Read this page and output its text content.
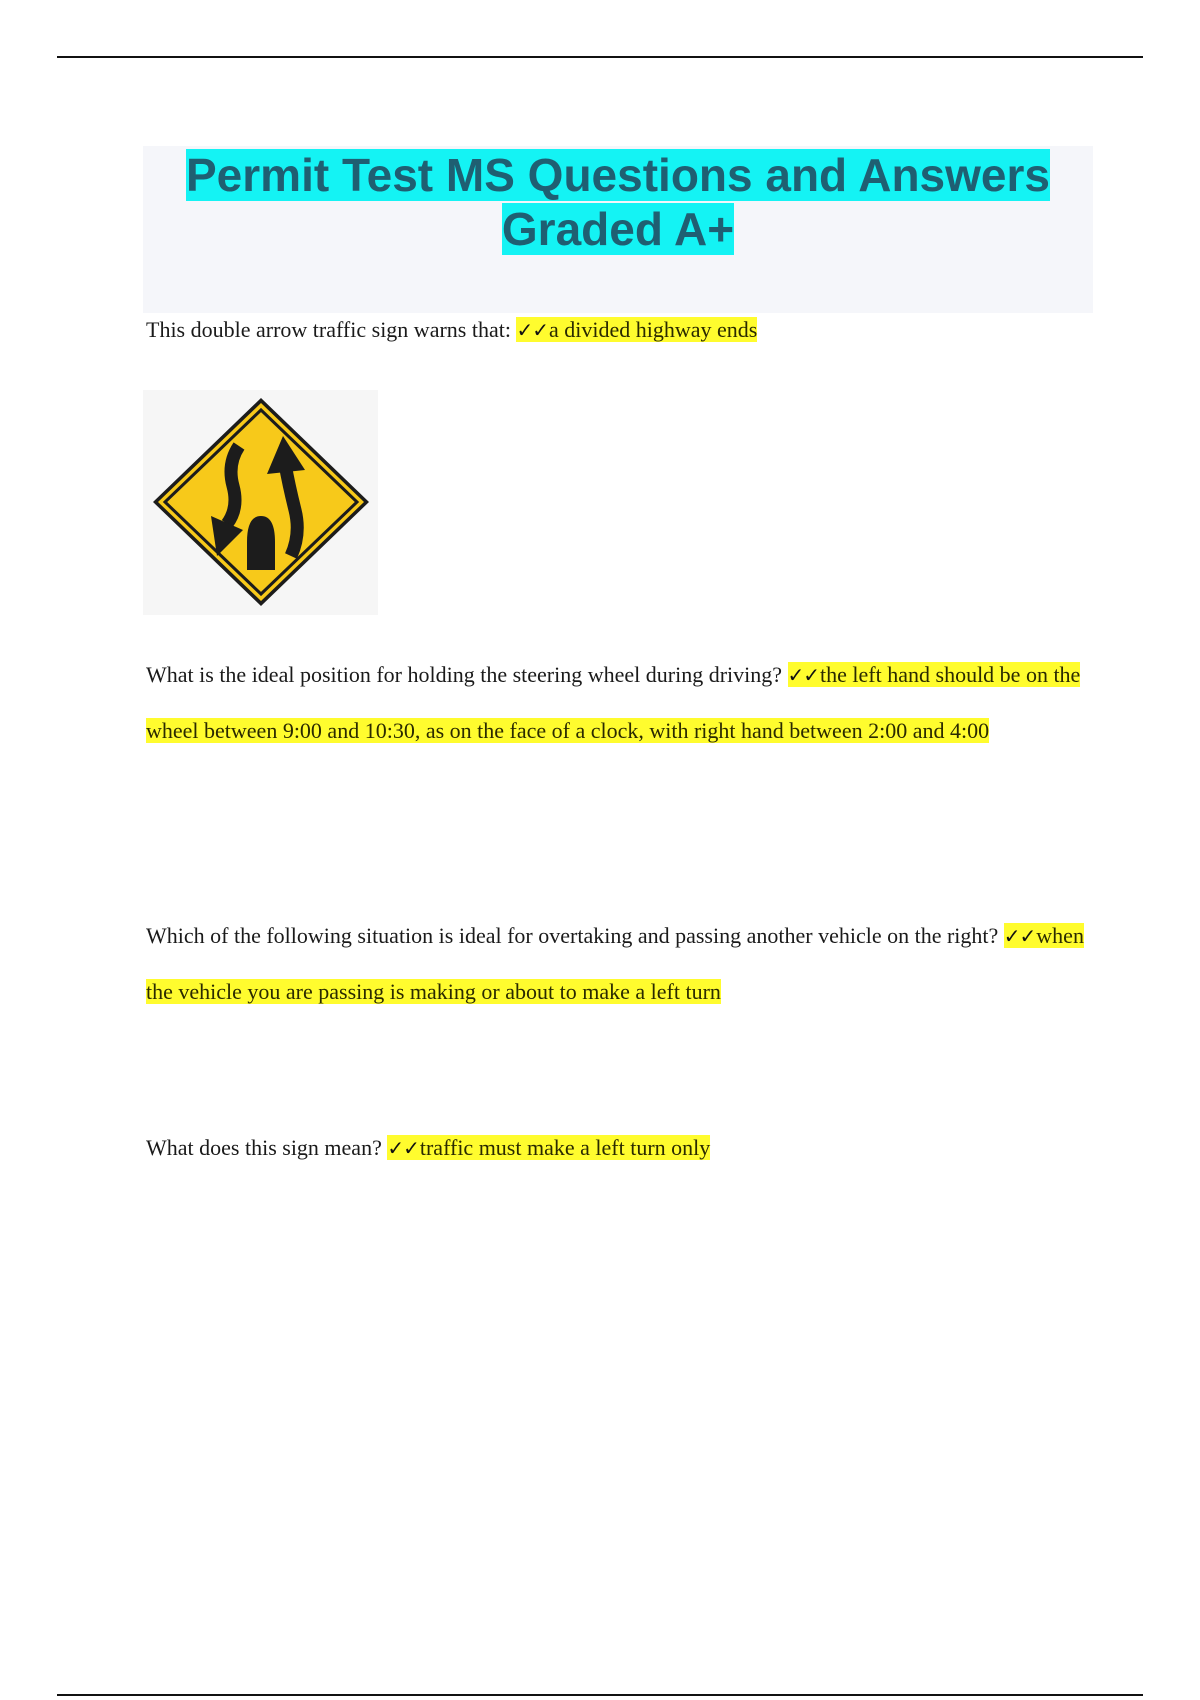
Permit Test MS Questions and Answers
Graded A+
This double arrow traffic sign warns that: ✓✓a divided highway ends
What is the ideal position for holding the steering wheel during driving? ✓✓the left hand should be on the wheel between 9:00 and 10:30, as on the face of a clock, with right hand between 2:00 and 4:00
Which of the following situation is ideal for overtaking and passing another vehicle on the right? ✓✓when the vehicle you are passing is making or about to make a left turn
What does this sign mean? ✓✓traffic must make a left turn only
